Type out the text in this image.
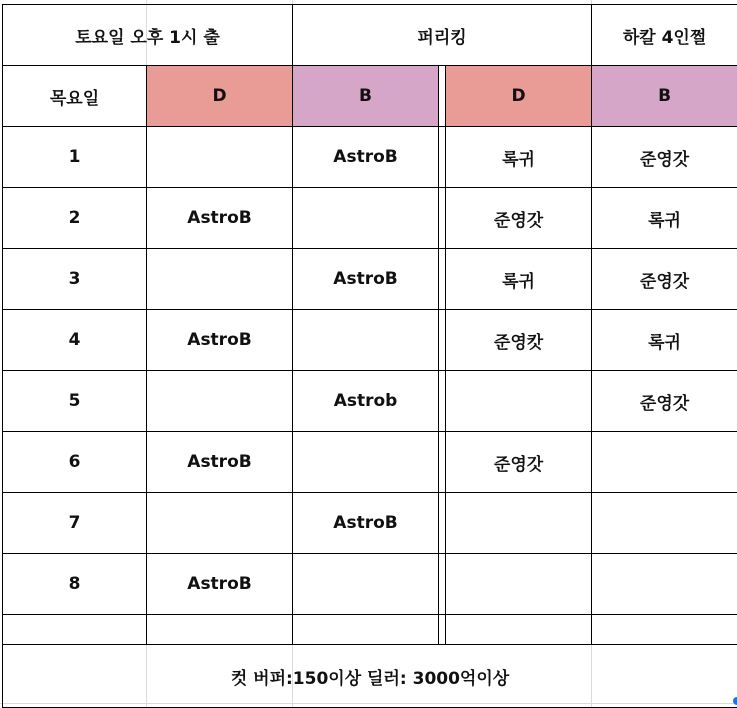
토요일 오후 1시 출		퍼리킹			하칼 4인쩔
목요일	D	B		D	B
1		AstroB		록귀	준영갓
2	AstroB			준영갓	록귀
3		AstroB		록귀	준영갓
4	AstroB			준영캇	록귀
5		Astrob			준영갓
6	AstroB			준영갓	
7		AstroB			
8	AstroB				

컷 버퍼:150이상 딜러: 3000억이상					
